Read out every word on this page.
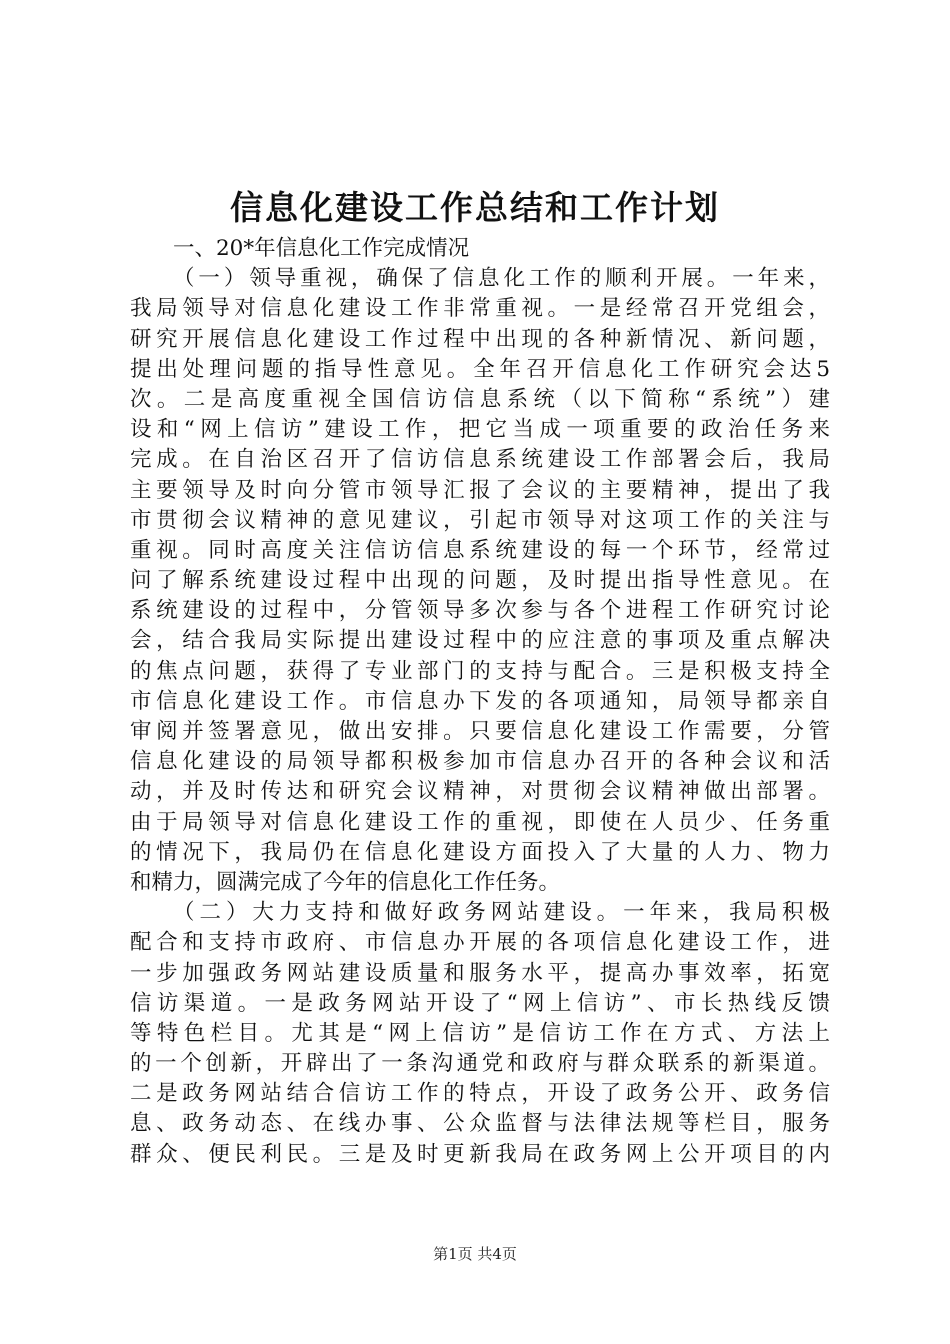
信息化建设工作总结和工作计划
一、20*年信息化工作完成情况
（一）领导重视，确保了信息化工作的顺利开展。一年来，
我局领导对信息化建设工作非常重视。一是经常召开党组会，
研究开展信息化建设工作过程中出现的各种新情况、新问题，
提出处理问题的指导性意见。全年召开信息化工作研究会达5
次。二是高度重视全国信访信息系统（以下简称“系统”）建
设和“网上信访”建设工作，把它当成一项重要的政治任务来
完成。在自治区召开了信访信息系统建设工作部署会后，我局
主要领导及时向分管市领导汇报了会议的主要精神，提出了我
市贯彻会议精神的意见建议，引起市领导对这项工作的关注与
重视。同时高度关注信访信息系统建设的每一个环节，经常过
问了解系统建设过程中出现的问题，及时提出指导性意见。在
系统建设的过程中，分管领导多次参与各个进程工作研究讨论
会，结合我局实际提出建设过程中的应注意的事项及重点解决
的焦点问题，获得了专业部门的支持与配合。三是积极支持全
市信息化建设工作。市信息办下发的各项通知，局领导都亲自
审阅并签署意见，做出安排。只要信息化建设工作需要，分管
信息化建设的局领导都积极参加市信息办召开的各种会议和活
动，并及时传达和研究会议精神，对贯彻会议精神做出部署。
由于局领导对信息化建设工作的重视，即使在人员少、任务重
的情况下，我局仍在信息化建设方面投入了大量的人力、物力
和精力，圆满完成了今年的信息化工作任务。
（二）大力支持和做好政务网站建设。一年来，我局积极
配合和支持市政府、市信息办开展的各项信息化建设工作，进
一步加强政务网站建设质量和服务水平，提高办事效率，拓宽
信访渠道。一是政务网站开设了“网上信访”、市长热线反馈
等特色栏目。尤其是“网上信访”是信访工作在方式、方法上
的一个创新，开辟出了一条沟通党和政府与群众联系的新渠道。
二是政务网站结合信访工作的特点，开设了政务公开、政务信
息、政务动态、在线办事、公众监督与法律法规等栏目，服务
群众、便民利民。三是及时更新我局在政务网上公开项目的内
第1页 共4页
